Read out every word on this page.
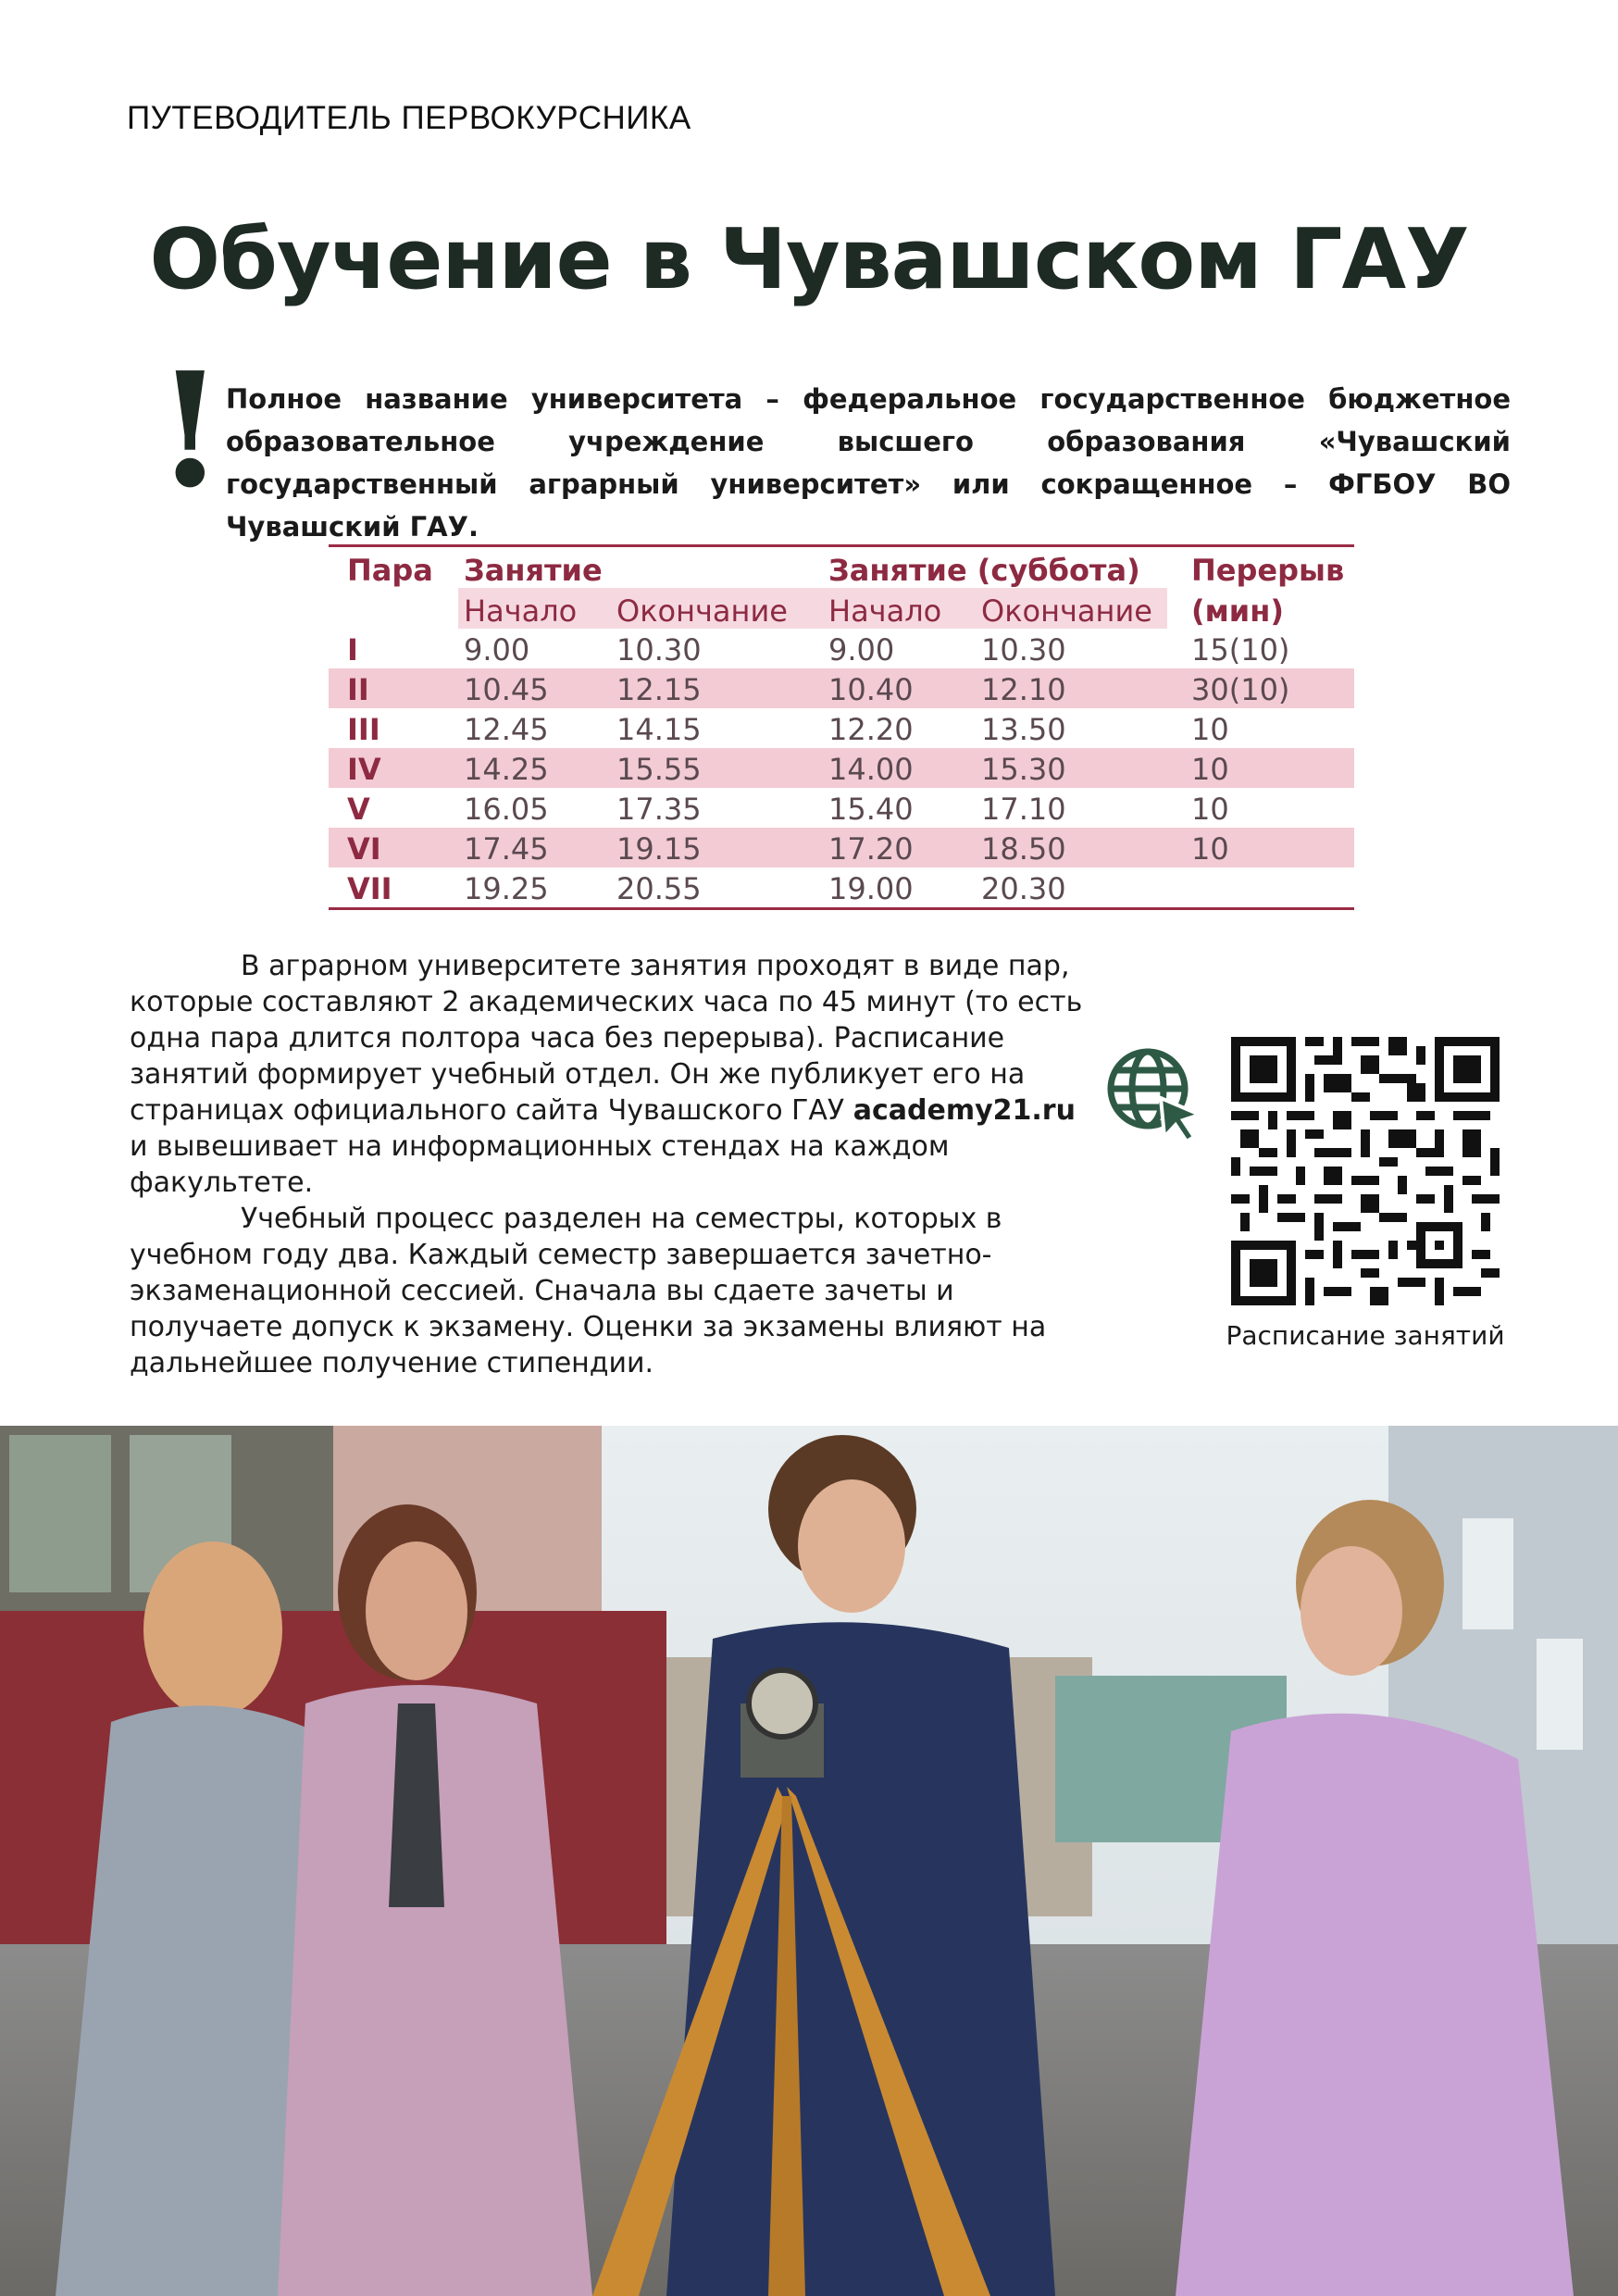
ПУТЕВОДИТЕЛЬ ПЕРВОКУРСНИКА
Обучение в Чувашском ГАУ
! Полное название университета – федеральное государственное бюджетное образовательное учреждение высшего образования «Чувашский государственный аграрный университет» или сокращенное – ФГБОУ ВО Чувашский ГАУ.
Пара Занятие	Занятие (суббота) Перерыв
Начало Окончание Начало Окончание (мин)
I	9.00	10.30	9.00	10.30	15(10)
II	10.45 12.15	10.40 12.10	30(10)
III	12.45 14.15	12.20 13.50	10
IV	14.25 15.55	14.00 15.30	10
V	16.05 17.35	15.40 17.10	10
VI	17.45 19.15	17.20 18.50	10
VII 19.25 20.55	19.00 20.30

В аграрном университете занятия проходят в виде пар, которые составляют 2 академических часа по 45 минут (то есть одна пара длится полтора часа без перерыва). Расписание занятий формирует учебный отдел. Он же публикует его на страницах официального сайта Чувашского ГАУ academy21.ru и вывешивает на информационных стендах на каждом факультете.

Учебный процесс разделен на семестры, которых в учебном году два. Каждый семестр завершается зачетно-экзаменационной сессией. Сначала вы сдаете зачеты и получаете допуск к экзамену. Оценки за экзамены влияют на дальнейшее получение стипендии.

Расписание занятий
